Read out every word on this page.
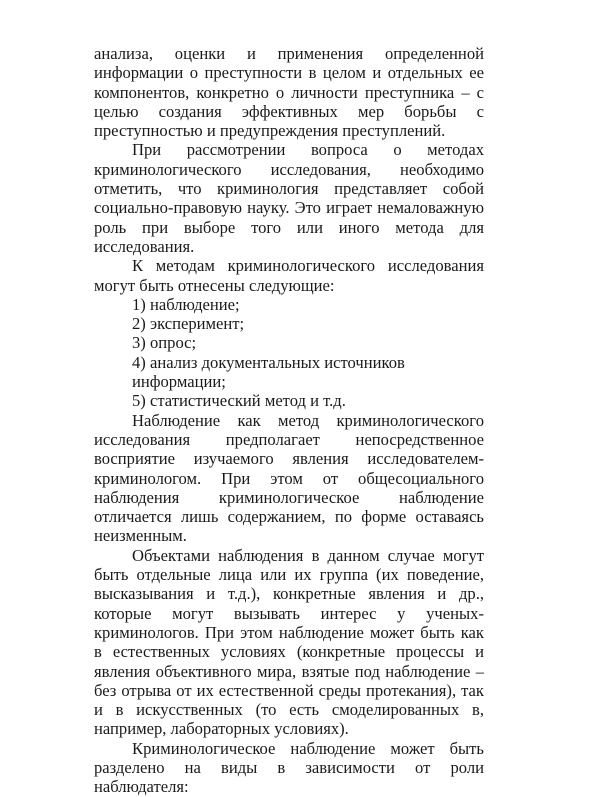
анализа, оценки и применения определенной информации о преступности в целом и отдельных ее компонентов, конкретно о личности преступника – с целью создания эффективных мер борьбы с преступностью и предупреждения преступлений.

При рассмотрении вопроса о методах криминологического исследования, необходимо отметить, что криминология представляет собой социально-правовую науку. Это играет немаловажную роль при выборе того или иного метода для исследования.

К методам криминологического исследования могут быть отнесены следующие:

1) наблюдение;

2) эксперимент;

3) опрос;

4) анализ документальных источников информации;

5) статистический метод и т.д.

Наблюдение как метод криминологического исследования предполагает непосредственное восприятие изучаемого явления исследователем-криминологом. При этом от общесоциального наблюдения криминологическое наблюдение отличается лишь содержанием, по форме оставаясь неизменным.

Объектами наблюдения в данном случае могут быть отдельные лица или их группа (их поведение, высказывания и т.д.), конкретные явления и др., которые могут вызывать интерес у ученых-криминологов. При этом наблюдение может быть как в естественных условиях (конкретные процессы и явления объективного мира, взятые под наблюдение – без отрыва от их естественной среды протекания), так и в искусственных (то есть смоделированных в, например, лабораторных условиях).

Криминологическое наблюдение может быть разделено на виды в зависимости от роли наблюдателя:
